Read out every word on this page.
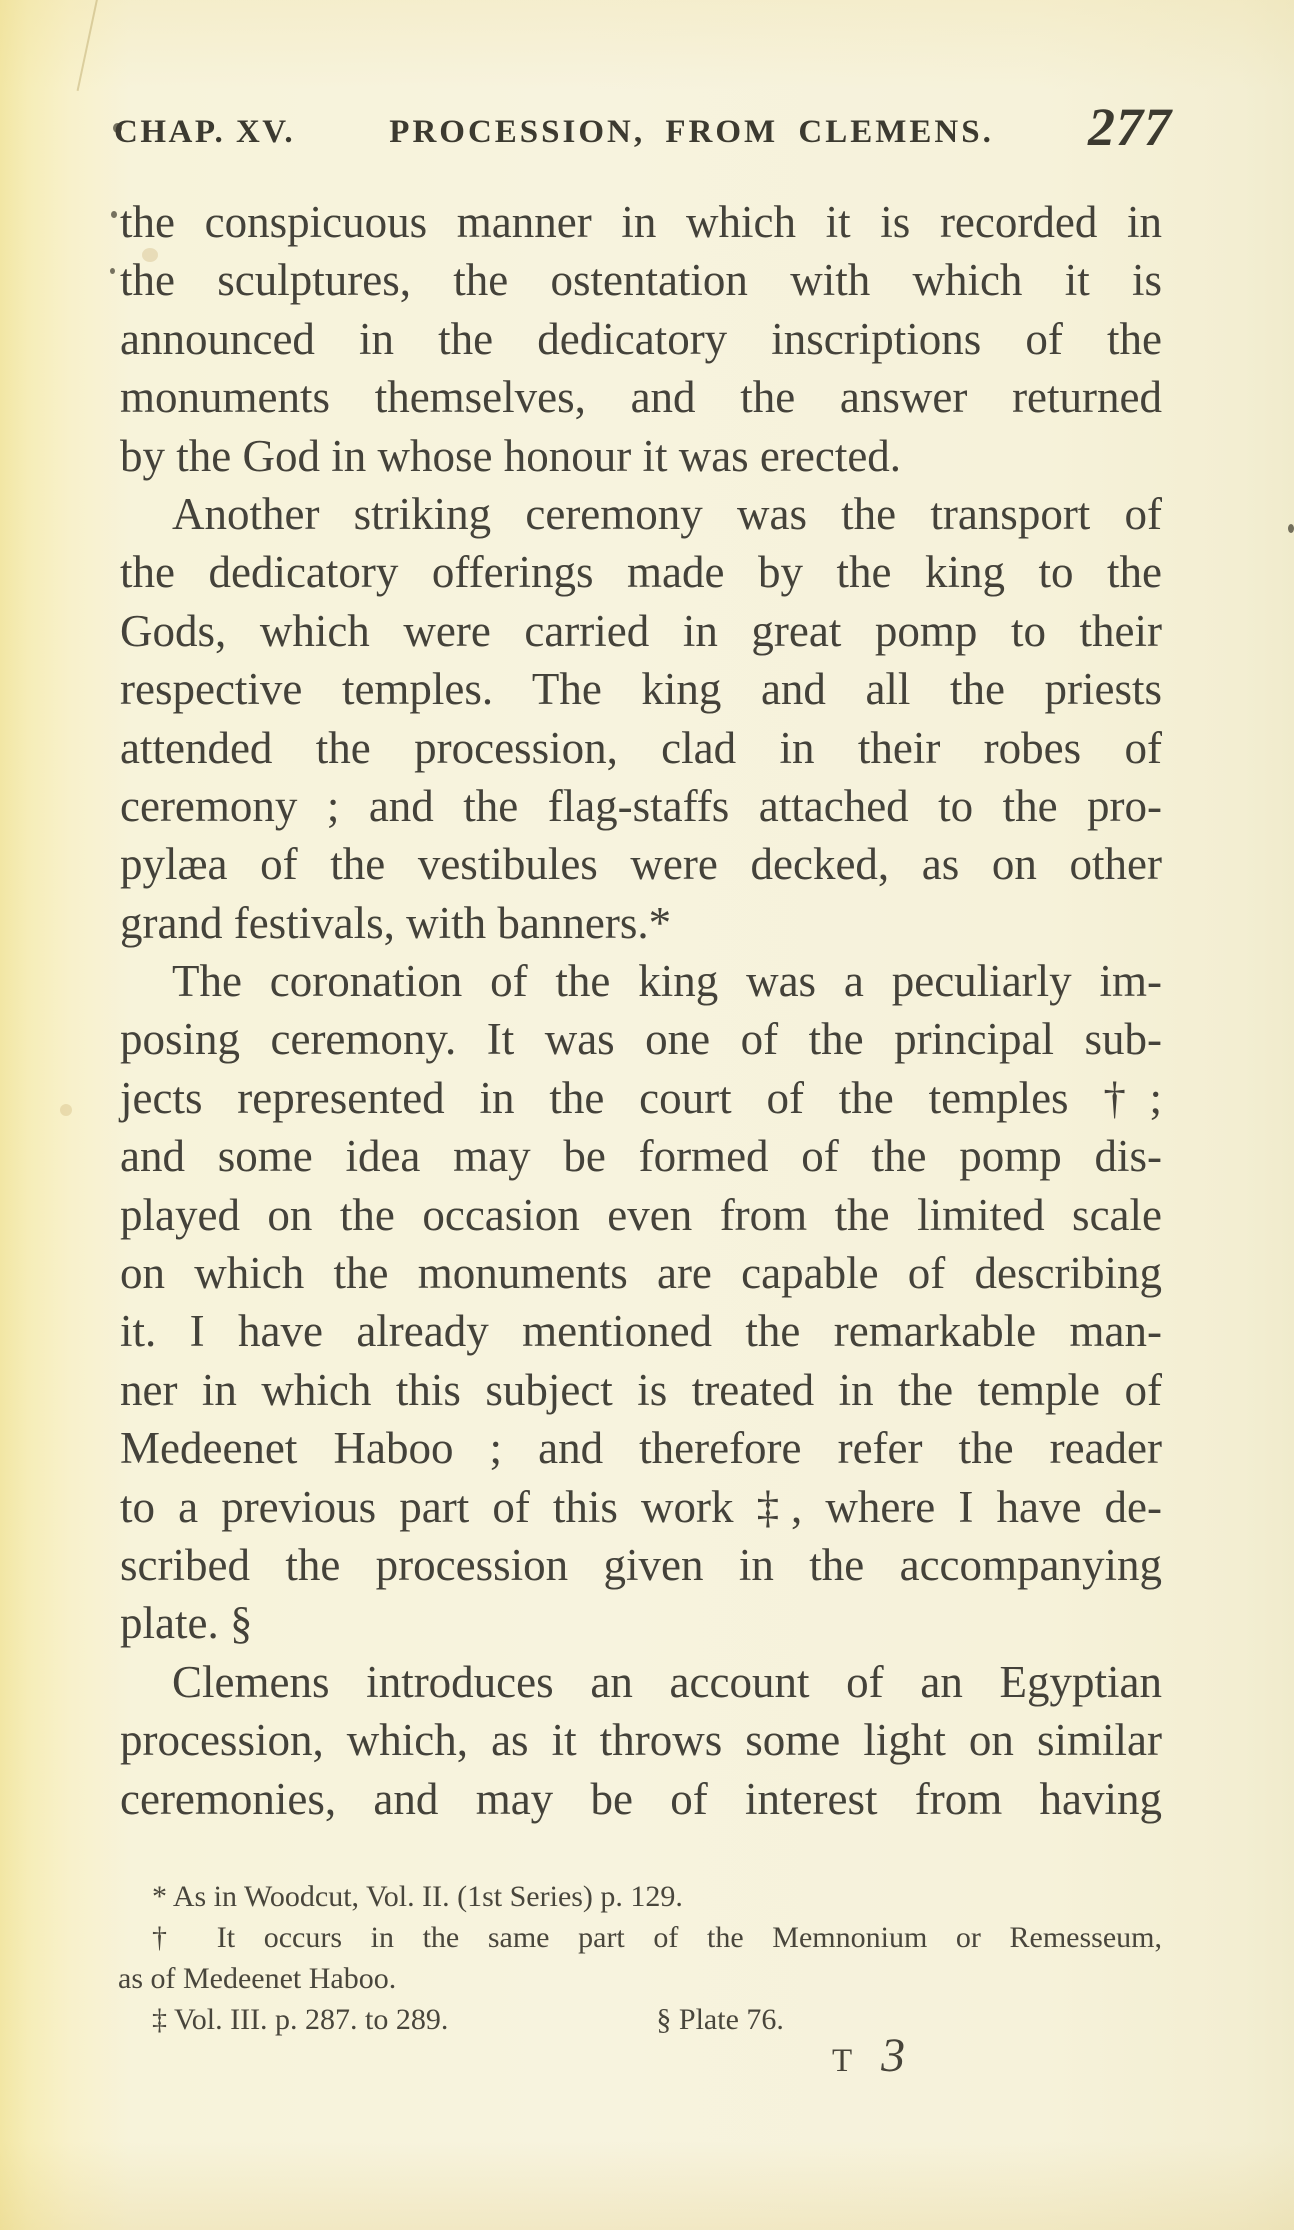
CHAP. XV.	PROCESSION, FROM CLEMENS.	277
the conspicuous manner in which it is recorded in
the sculptures, the ostentation with which it is
announced in the dedicatory inscriptions of the
monuments themselves, and the answer returned
by the God in whose honour it was erected.
Another striking ceremony was the transport of
the dedicatory offerings made by the king to the
Gods, which were carried in great pomp to their
respective temples. The king and all the priests
attended the procession, clad in their robes of
ceremony ; and the flag-staffs attached to the pro-
pylæa of the vestibules were decked, as on other
grand festivals, with banners.*
The coronation of the king was a peculiarly im-
posing ceremony. It was one of the principal sub-
jects represented in the court of the temples †;
and some idea may be formed of the pomp dis-
played on the occasion even from the limited scale
on which the monuments are capable of describing
it. I have already mentioned the remarkable man-
ner in which this subject is treated in the temple of
Medeenet Haboo ; and therefore refer the reader
to a previous part of this work ‡, where I have de-
scribed the procession given in the accompanying
plate. §
Clemens introduces an account of an Egyptian
procession, which, as it throws some light on similar
ceremonies, and may be of interest from having
* As in Woodcut, Vol. II. (1st Series) p. 129.
† It occurs in the same part of the Memnonium or Remesseum,
as of Medeenet Haboo.
‡ Vol. III. p. 287. to 289.	§ Plate 76.
T 3
